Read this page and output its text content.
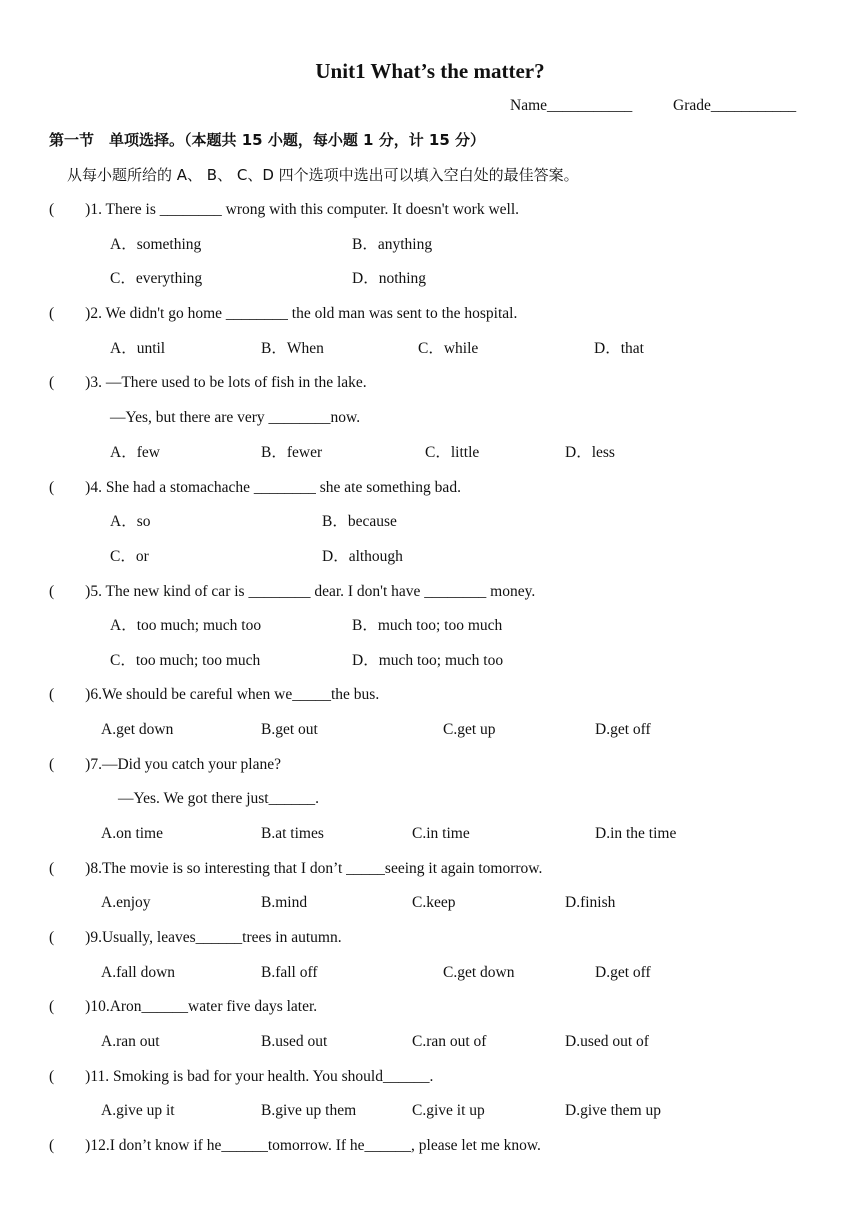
Unit1 What’s the matter?
Name___________	Grade___________
第一节　单项选择。（本题共 15 小题，每小题 1 分，计 15 分）
从每小题所给的 A、 B、 C、D 四个选项中选出可以填入空白处的最佳答案。
(　　)1. There is ________ wrong with this computer. It doesn't work well.
A．something	B．anything
C．everything	D．nothing
(　　)2. We didn't go home ________ the old man was sent to the hospital.
A．until	B．When	C．while	D．that
(　　)3. —There used to be lots of fish in the lake.
—Yes, but there are very ________now.
A．few	B．fewer	C．little	D．less
(　　)4. She had a stomachache ________ she ate something bad.
A．so	B．because
C．or	D．although
(　　)5. The new kind of car is ________ dear. I don't have ________ money.
A．too much; much too	B．much too; too much
C．too much; too much	D．much too; much too
(　　)6.We should be careful when we_____the bus.
A.get down	B.get out	C.get up	D.get off
(　　)7.—Did you catch your plane?
—Yes. We got there just______.
A.on time	B.at times	C.in time	D.in the time
(　　)8.The movie is so interesting that I don’t _____seeing it again tomorrow.
A.enjoy	B.mind	C.keep	D.finish
(　　)9.Usually, leaves______trees in autumn.
A.fall down	B.fall off	C.get down	D.get off
(　　)10.Aron______water five days later.
A.ran out	B.used out	C.ran out of	D.used out of
(　　)11. Smoking is bad for your health. You should______.
A.give up it	B.give up them	C.give it up	D.give them up
(　　)12.I don’t know if he______tomorrow. If he______, please let me know.
